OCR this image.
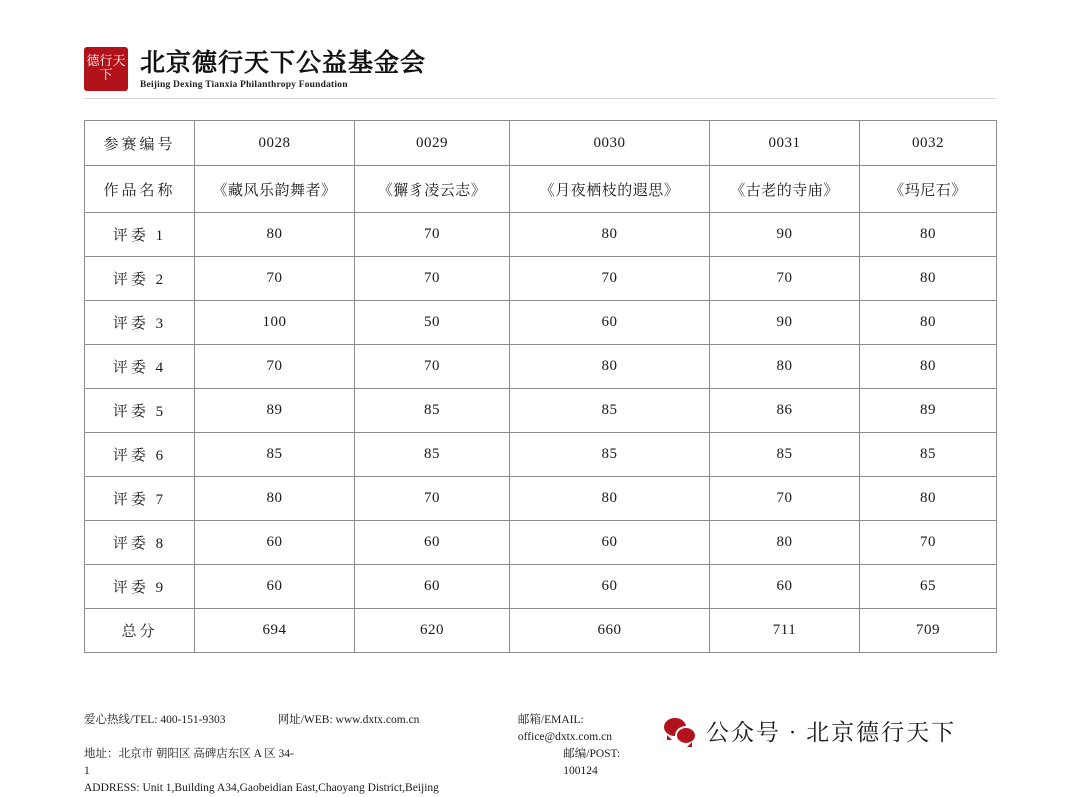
德行天下	北京德行天下公益基金会
Beijing Dexing Tianxia Philanthropy Foundation
参赛编号	0028	0029	0030	0031	0032
作品名称	《藏风乐韵舞者》	《獬豸凌云志》	《月夜栖枝的遐思》	《古老的寺庙》	《玛尼石》
评委 1	80	70	80	90	80
评委 2	70	70	70	70	80
评委 3	100	50	60	90	80
评委 4	70	70	80	80	80
评委 5	89	85	85	86	89
评委 6	85	85	85	85	85
评委 7	80	70	80	70	80
评委 8	60	60	60	80	70
评委 9	60	60	60	60	65
总分	694	620	660	711	709
爱心热线/TEL: 400-151-9303	网址/WEB: www.dxtx.com.cn	邮箱/EMAIL: office@dxtx.com.cn
地址：北京市 朝阳区 高碑店东区 A 区 34-1
邮编/POST: 100124
ADDRESS: Unit 1,Building A34,Gaobeidian East,Chaoyang District,Beijing
公众号 · 北京德行天下
